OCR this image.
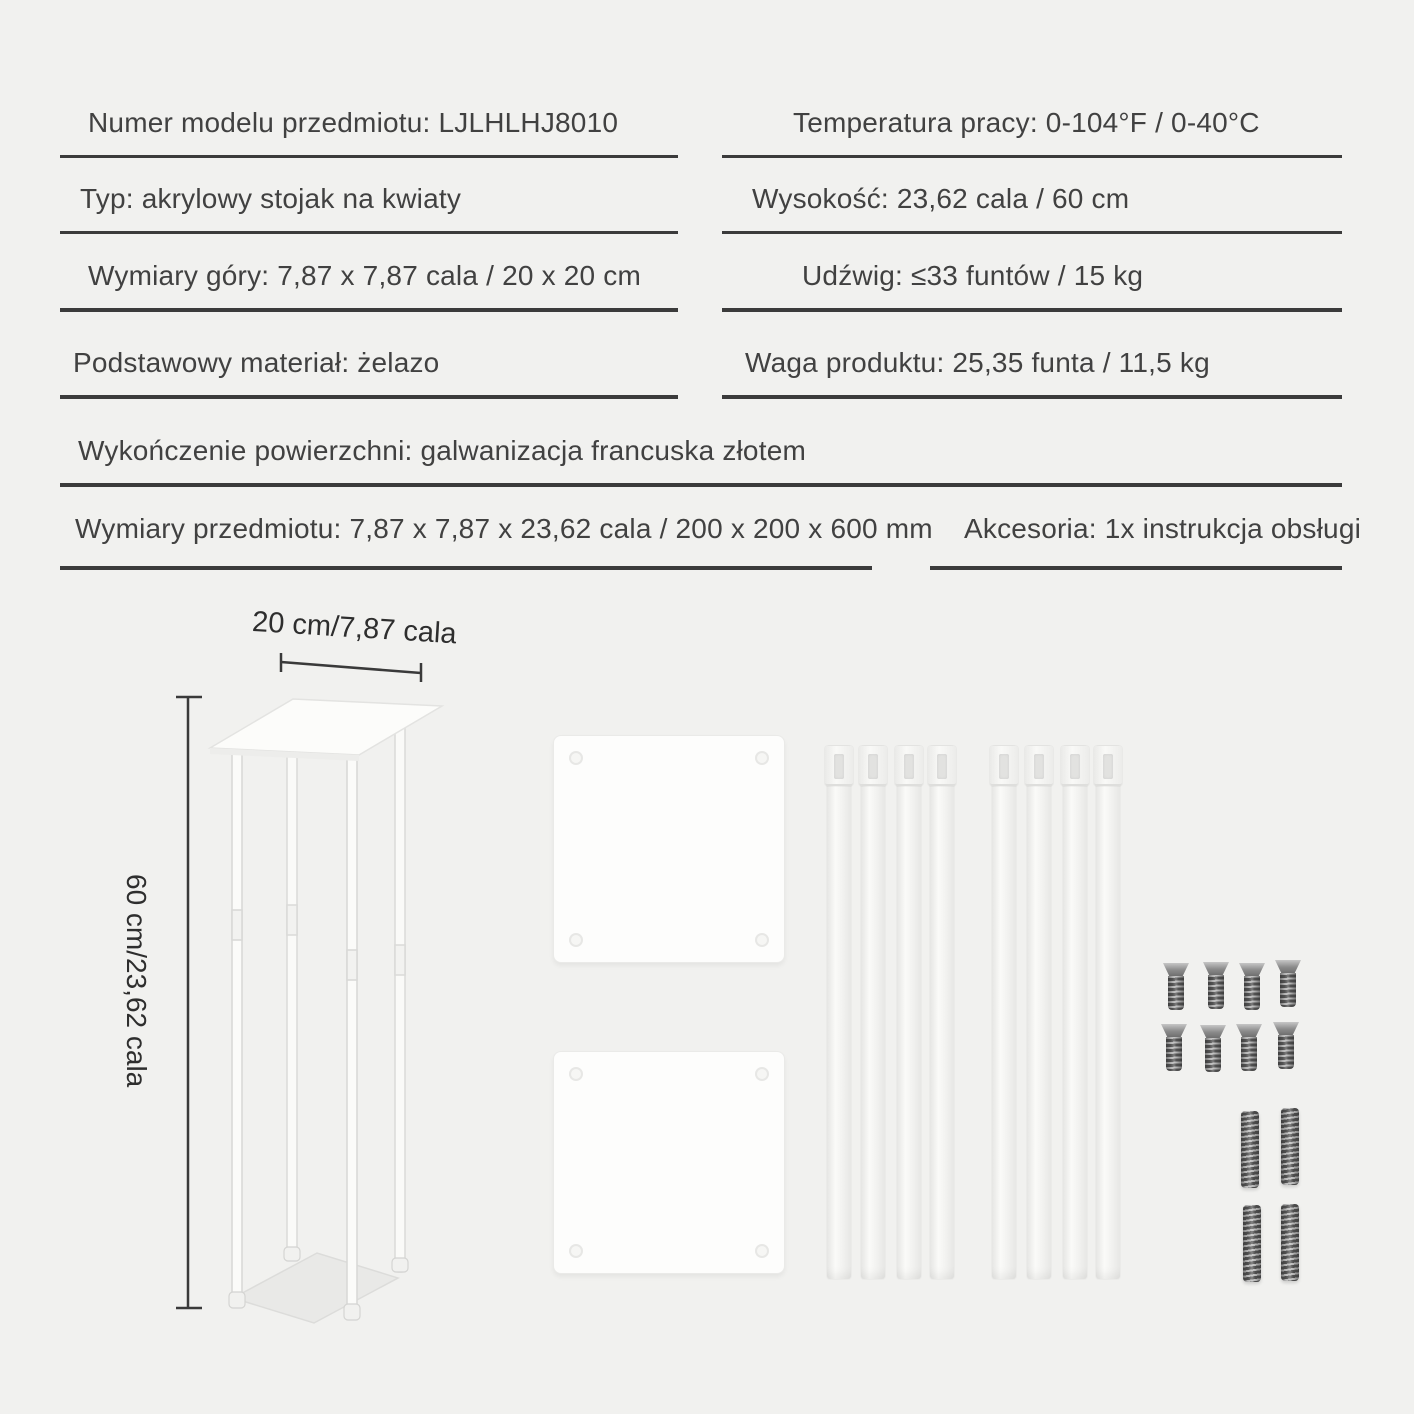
Numer modelu przedmiotu: LJLHLHJ8010	Temperatura pracy: 0-104°F / 0-40°C
Typ: akrylowy stojak na kwiaty	Wysokość: 23,62 cala / 60 cm
Wymiary góry: 7,87 x 7,87 cala / 20 x 20 cm	Udźwig: ≤33 funtów / 15 kg
Podstawowy materiał: żelazo	Waga produktu: 25,35 funta / 11,5 kg
Wykończenie powierzchni: galwanizacja francuska złotem
Wymiary przedmiotu: 7,87 x 7,87 x 23,62 cala / 200 x 200 x 600 mm	Akcesoria: 1x instrukcja obsługi
20 cm/7,87 cala
60 cm/23,62 cala
